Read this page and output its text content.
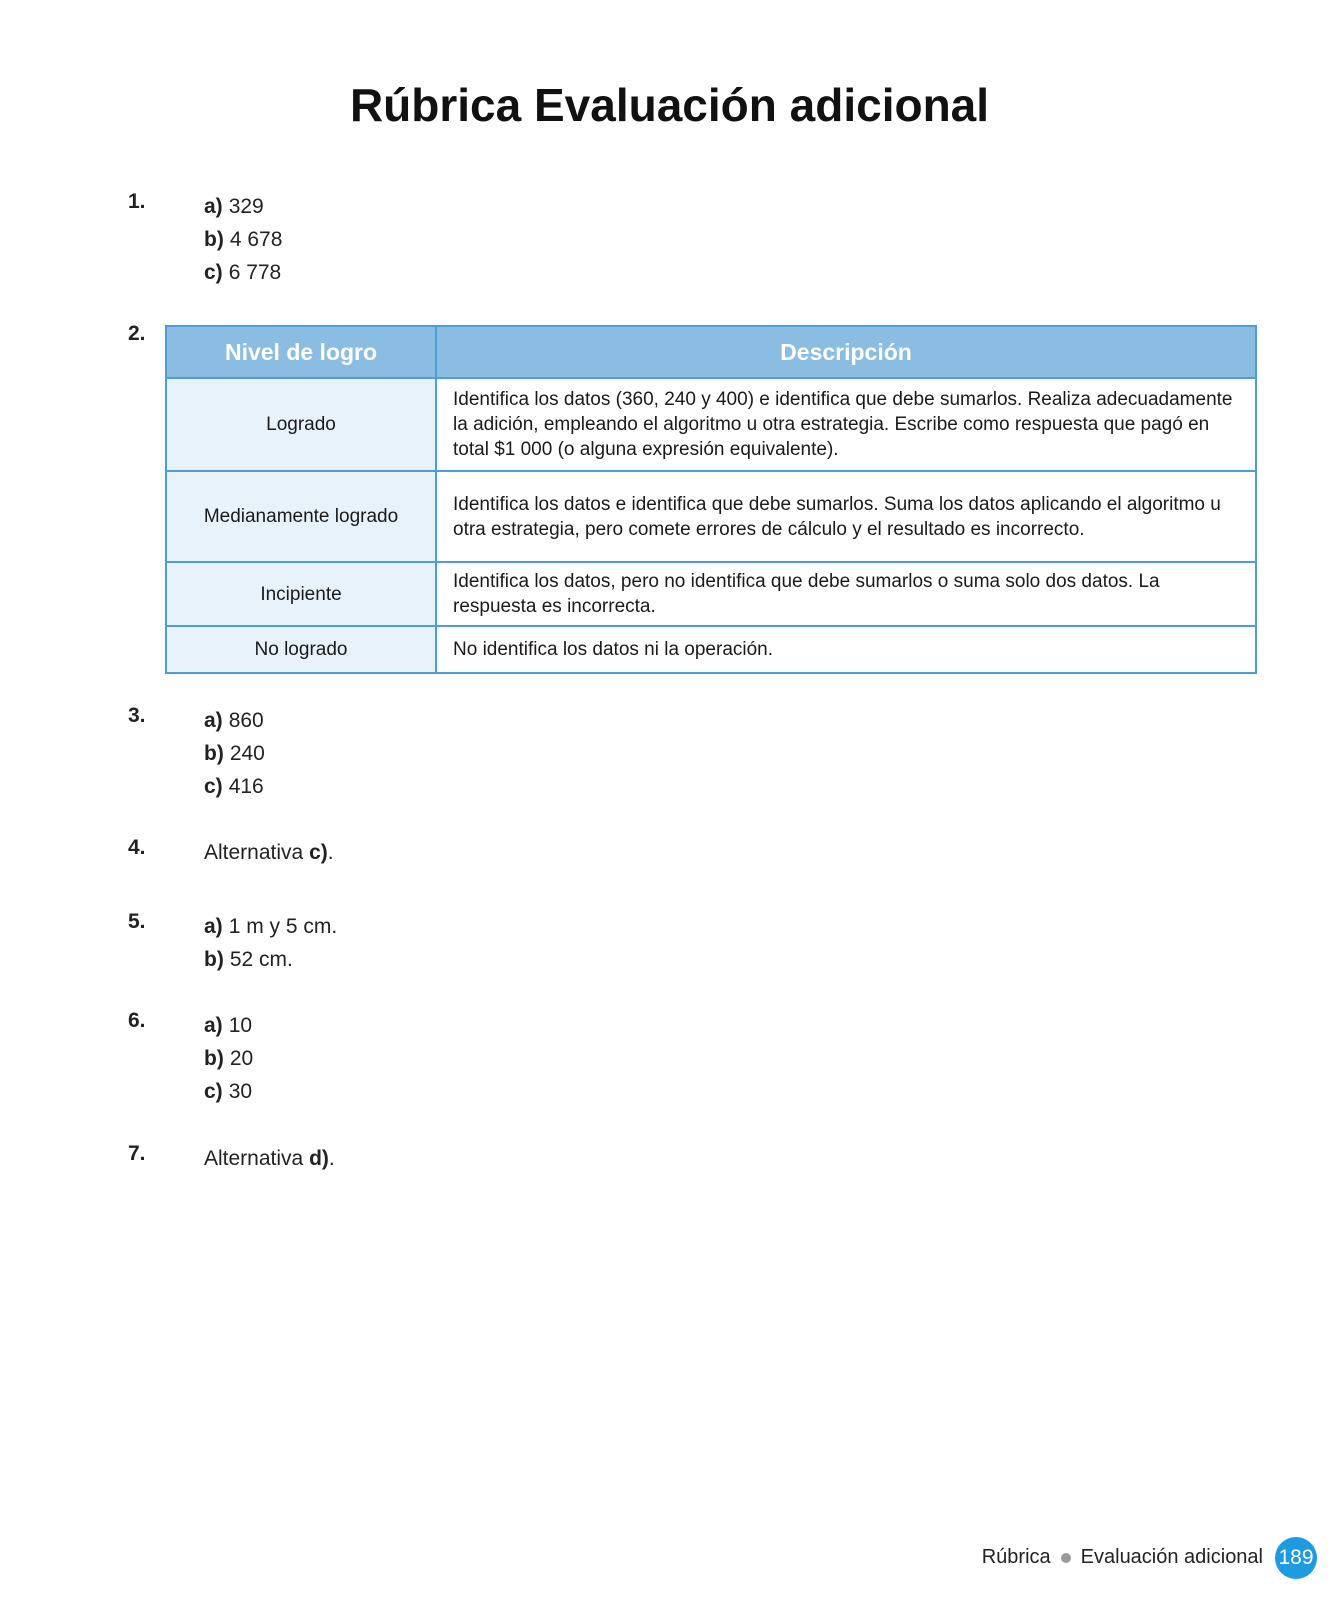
Rúbrica Evaluación adicional
1.	a) 329
b) 4 678
c) 6 778
2.
Nivel de logro	Descripción
Logrado	Identifica los datos (360, 240 y 400) e identifica que debe sumarlos. Realiza adecuadamente la adición, empleando el algoritmo u otra estrategia. Escribe como respuesta que pagó en total $1 000 (o alguna expresión equivalente).
Medianamente logrado	Identifica los datos e identifica que debe sumarlos. Suma los datos aplicando el algoritmo u otra estrategia, pero comete errores de cálculo y el resultado es incorrecto.
Incipiente	Identifica los datos, pero no identifica que debe sumarlos o suma solo dos datos. La respuesta es incorrecta.
No logrado	No identifica los datos ni la operación.
3.	a) 860
b) 240
c) 416
4.	Alternativa c).
5.	a) 1 m y 5 cm.
b) 52 cm.
6.	a) 10
b) 20
c) 30
7.	Alternativa d).
Rúbrica Evaluación adicional 189
